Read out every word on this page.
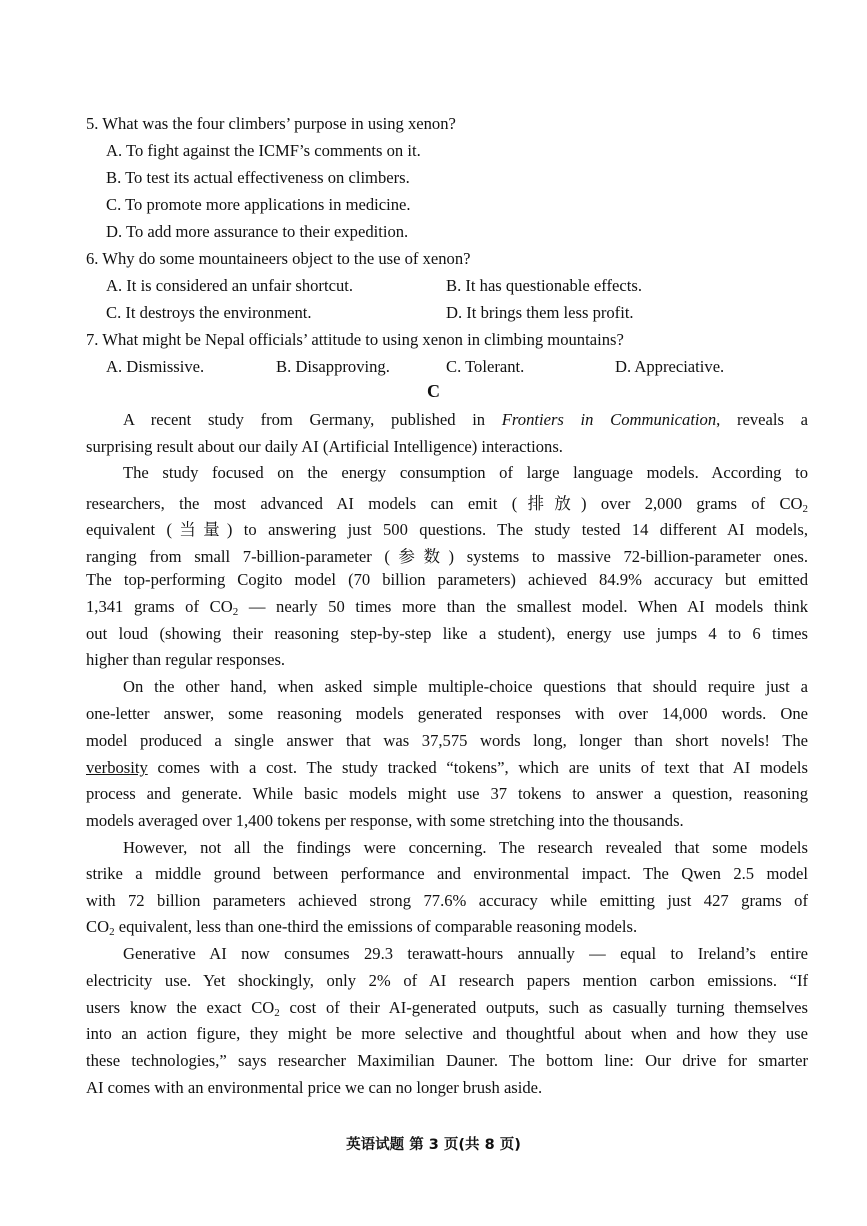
5. What was the four climbers’ purpose in using xenon?
A. To fight against the ICMF’s comments on it.
B. To test its actual effectiveness on climbers.
C. To promote more applications in medicine.
D. To add more assurance to their expedition.
6. Why do some mountaineers object to the use of xenon?
A. It is considered an unfair shortcut.	B. It has questionable effects.
C. It destroys the environment.	D. It brings them less profit.
7. What might be Nepal officials’ attitude to using xenon in climbing mountains?
A. Dismissive.	B. Disapproving.	C. Tolerant.	D. Appreciative.
C
A recent study from Germany, published in Frontiers in Communication, reveals a
surprising result about our daily AI (Artificial Intelligence) interactions.
The study focused on the energy consumption of large language models. According to
researchers, the most advanced AI models can emit (排放) over 2,000 grams of $CO_2$
equivalent (当量) to answering just 500 questions. The study tested 14 different AI models,
ranging from small 7-billion-parameter (参数) systems to massive 72-billion-parameter ones.
The top-performing Cogito model (70 billion parameters) achieved 84.9% accuracy but emitted
1,341 grams of $CO_2$ — nearly 50 times more than the smallest model. When AI models think
out loud (showing their reasoning step-by-step like a student), energy use jumps 4 to 6 times
higher than regular responses.
On the other hand, when asked simple multiple-choice questions that should require just a
one-letter answer, some reasoning models generated responses with over 14,000 words. One
model produced a single answer that was 37,575 words long, longer than short novels! The
verbosity comes with a cost. The study tracked “tokens”, which are units of text that AI models
process and generate. While basic models might use 37 tokens to answer a question, reasoning
models averaged over 1,400 tokens per response, with some stretching into the thousands.
However, not all the findings were concerning. The research revealed that some models
strike a middle ground between performance and environmental impact. The Qwen 2.5 model
with 72 billion parameters achieved strong 77.6% accuracy while emitting just 427 grams of
$CO_2$ equivalent, less than one-third the emissions of comparable reasoning models.
Generative AI now consumes 29.3 terawatt-hours annually — equal to Ireland’s entire
electricity use. Yet shockingly, only 2% of AI research papers mention carbon emissions. “If
users know the exact $CO_2$ cost of their AI-generated outputs, such as casually turning themselves
into an action figure, they might be more selective and thoughtful about when and how they use
these technologies,” says researcher Maximilian Dauner. The bottom line: Our drive for smarter
AI comes with an environmental price we can no longer brush aside.
英语试题 第 3 页(共 8 页)
